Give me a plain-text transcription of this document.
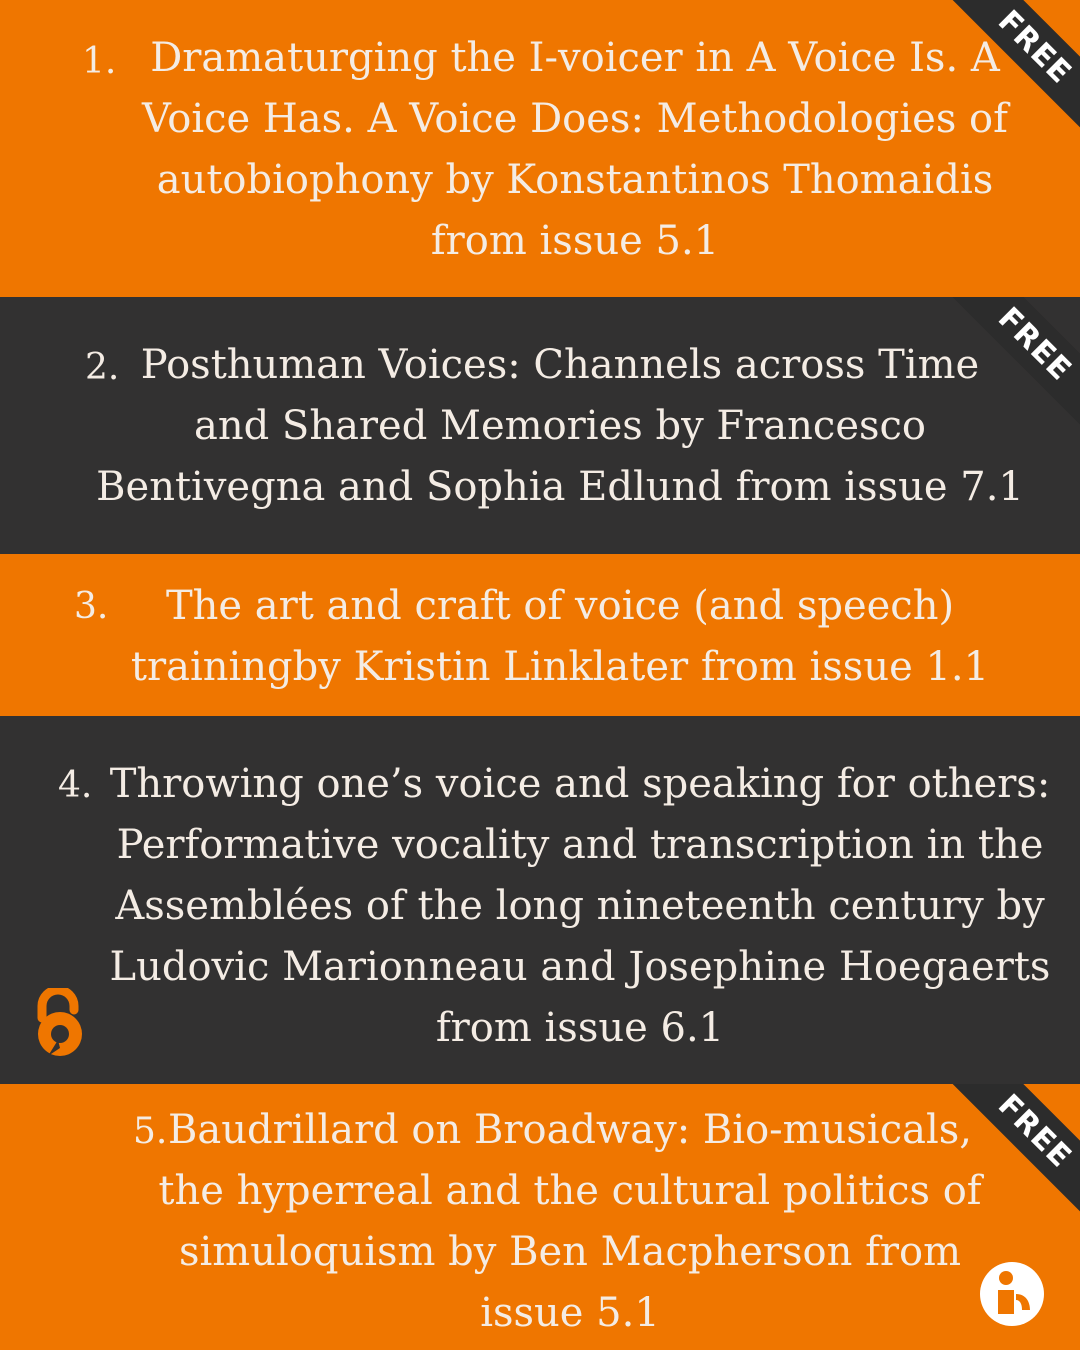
1. Dramaturging the I-voicer in A Voice Is. A

Voice Has. A Voice Does: Methodologies of

autobiophony by Konstantinos Thomaidis

from issue 5.1

FREE
2. Posthuman Voices: Channels across Time

and Shared Memories by Francesco

Bentivegna and Sophia Edlund from issue 7.1

FREE
3.	The art and craft of voice (and speech)

trainingby Kristin Linklater from issue 1.1

4. Throwing one’s voice and speaking for others:

Performative vocality and transcription in the

Assemblées of the long nineteenth century by

Ludovic Marionneau and Josephine Hoegaerts

from issue 6.1

5. Baudrillard on Broadway: Bio-musicals,

the hyperreal and the cultural politics of

simuloquism by Ben Macpherson from

issue 5.1

FREE
